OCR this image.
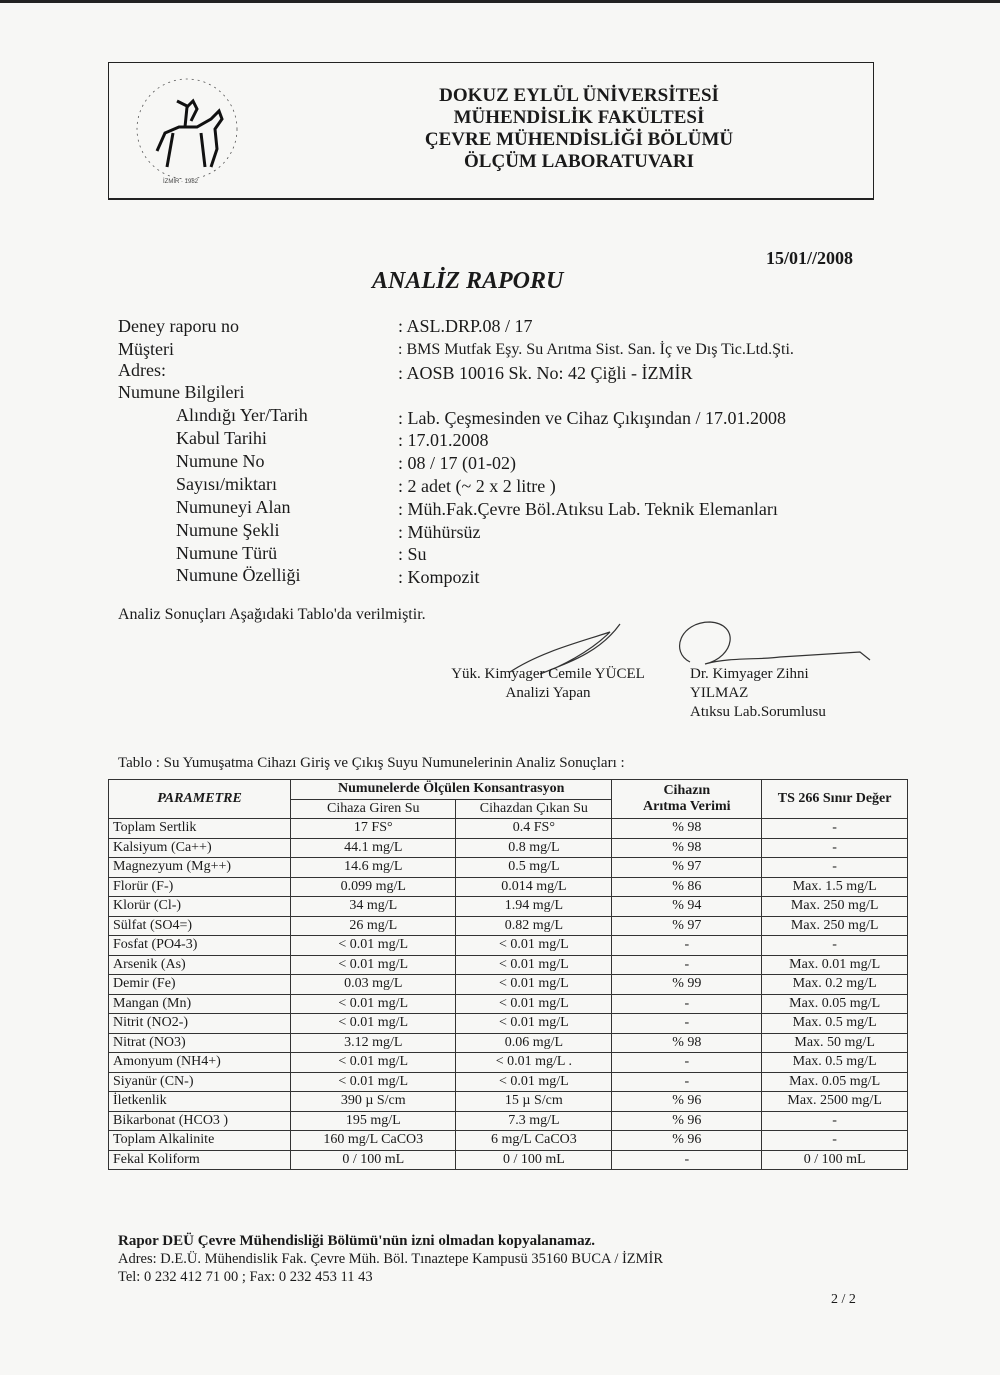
İZMİR · 1982
DOKUZ EYLÜL ÜNİVERSİTESİ
MÜHENDİSLİK FAKÜLTESİ
ÇEVRE MÜHENDİSLİĞİ BÖLÜMÜ
ÖLÇÜM LABORATUVARI
15/01//2008
ANALİZ RAPORU
Deney raporu no	: ASL.DRP.08 / 17
Müşteri	: BMS Mutfak Eşy. Su Arıtma Sist. San. İç ve Dış Tic.Ltd.Şti.
Adres:	: AOSB 10016 Sk. No: 42 Çiğli - İZMİR
Numune Bilgileri
Alındığı Yer/Tarih	: Lab. Çeşmesinden ve Cihaz Çıkışından / 17.01.2008
Kabul Tarihi	: 17.01.2008
Numune No	: 08 / 17 (01-02)
Sayısı/miktarı	: 2 adet (~ 2 x 2 litre )
Numuneyi Alan	: Müh.Fak.Çevre Böl.Atıksu Lab. Teknik Elemanları
Numune Şekli	: Mühürsüz
Numune Türü	: Su
Numune Özelliği	: Kompozit
Analiz Sonuçları Aşağıdaki Tablo'da verilmiştir.
Yük. Kimyager Cemile YÜCEL
Analizi Yapan
Dr. Kimyager Zihni YILMAZ
Atıksu Lab.Sorumlusu
Tablo : Su Yumuşatma Cihazı Giriş ve Çıkış Suyu Numunelerinin Analiz Sonuçları :
PARAMETRE	Numunelerde Ölçülen Konsantrasyon		Cihazın
Arıtma Verimi	TS 266 Sınır Değer
	Cihaza Giren Su	Cihazdan Çıkan Su		
Toplam Sertlik	17 FS°	0.4 FS°	% 98	-
Kalsiyum (Ca++)	44.1 mg/L	0.8 mg/L	% 98	-
Magnezyum (Mg++)	14.6 mg/L	0.5 mg/L	% 97	-
Florür (F-)	0.099 mg/L	0.014 mg/L	% 86	Max. 1.5 mg/L
Klorür (Cl-)	34 mg/L	1.94 mg/L	% 94	Max. 250 mg/L
Sülfat (SO4=)	26 mg/L	0.82 mg/L	% 97	Max. 250 mg/L
Fosfat (PO4-3)	< 0.01 mg/L	< 0.01 mg/L	-	-
Arsenik (As)	< 0.01 mg/L	< 0.01 mg/L	-	Max. 0.01 mg/L
Demir (Fe)	0.03 mg/L	< 0.01 mg/L	% 99	Max. 0.2 mg/L
Mangan (Mn)	< 0.01 mg/L	< 0.01 mg/L	-	Max. 0.05 mg/L
Nitrit (NO2-)	< 0.01 mg/L	< 0.01 mg/L	-	Max. 0.5 mg/L
Nitrat (NO3)	3.12 mg/L	0.06 mg/L	% 98	Max. 50 mg/L
Amonyum (NH4+)	< 0.01 mg/L	< 0.01 mg/L .	-	Max. 0.5 mg/L
Siyanür (CN-)	< 0.01 mg/L	< 0.01 mg/L	-	Max. 0.05 mg/L
İletkenlik	390 µ S/cm	15 µ S/cm	% 96	Max. 2500 mg/L
Bikarbonat (HCO3 )	195 mg/L	7.3 mg/L	% 96	-
Toplam Alkalinite	160 mg/L CaCO3	6 mg/L CaCO3	% 96	-
Fekal Koliform	0 / 100 mL	0 / 100 mL	-	0 / 100 mL
Rapor DEÜ Çevre Mühendisliği Bölümü'nün izni olmadan kopyalanamaz.
Adres: D.E.Ü. Mühendislik Fak. Çevre Müh. Böl. Tınaztepe Kampusü 35160 BUCA / İZMİR
Tel: 0 232 412 71 00 ; Fax: 0 232 453 11 43
2 / 2
